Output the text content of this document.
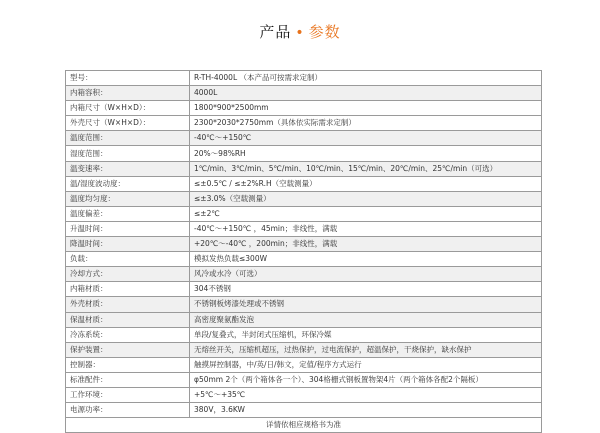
产品 • 参数
型号：	R-TH-4000L （本产品可按需求定制）
内箱容积：	4000L
内箱尺寸（W×H×D）：	1800*900*2500mm
外壳尺寸（W×H×D）：	2300*2030*2750mm（具体依实际需求定制）
温度范围：	-40℃～+150℃
湿度范围：	20%～98%RH
温变速率：	1℃/min、3℃/min、5℃/min、10℃/min、15℃/min、20℃/min、25℃/min（可选）
温/湿度波动度：	≤±0.5℃ / ≤±2%R.H（空载测量）
温度均匀度：	≤±3.0%（空载测量）
温度偏差：	≤±2℃
升温时间：	-40℃～+150℃ ，45min；非线性，满载
降温时间：	+20℃～-40℃ ，200min；非线性，满载
负载：	模拟发热负载≤300W
冷却方式：	风冷或水冷（可选）
内箱材质：	304不锈钢
外壳材质：	不锈钢板烤漆处理或不锈钢
保温材质：	高密度聚氨酯发泡
冷冻系统：	单段/复叠式，半封闭式压缩机，环保冷媒
保护装置：	无熔丝开关，压缩机超压，过热保护，过电流保护，超温保护，干烧保护，缺水保护
控制器：	触摸屏控制器，中/英/日/韩文，定值/程序方式运行
标准配件：	φ50mm 2个（两个箱体各一个）、304格栅式钢板置物架4片（两个箱体各配2个隔板）
工作环境：	+5℃～+35℃
电源功率：	380V，3.6KW
详情依相应规格书为准	
